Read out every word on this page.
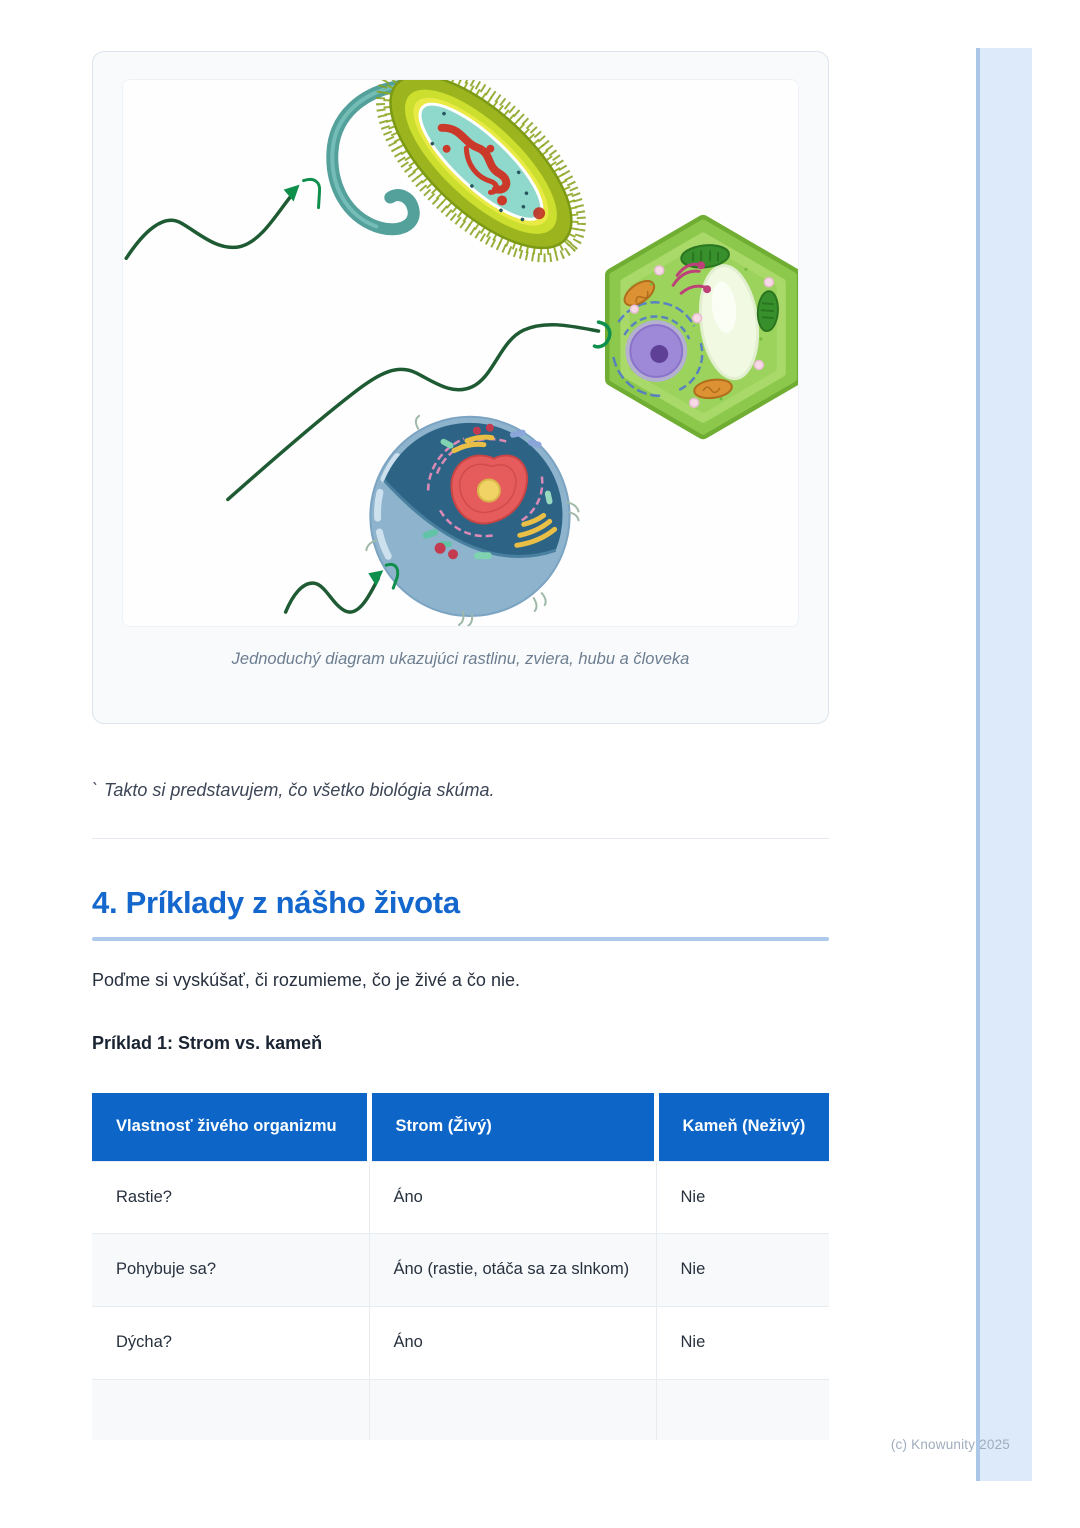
(c) Knowunity 2025
Jednoduchý diagram ukazujúci rastlinu, zviera, hubu a človeka
` Takto si predstavujem, čo všetko biológia skúma.
4. Príklady z nášho života

Poďme si vyskúšať, či rozumieme, čo je živé a čo nie.

Príklad 1: Strom vs. kameň

Vlastnosť živého organizmu	Strom (Živý)	Kameň (Neživý)
Rastie?	Áno	Nie
Pohybuje sa?	Áno (rastie, otáča sa za slnkom)	Nie
Dýcha?	Áno	Nie
